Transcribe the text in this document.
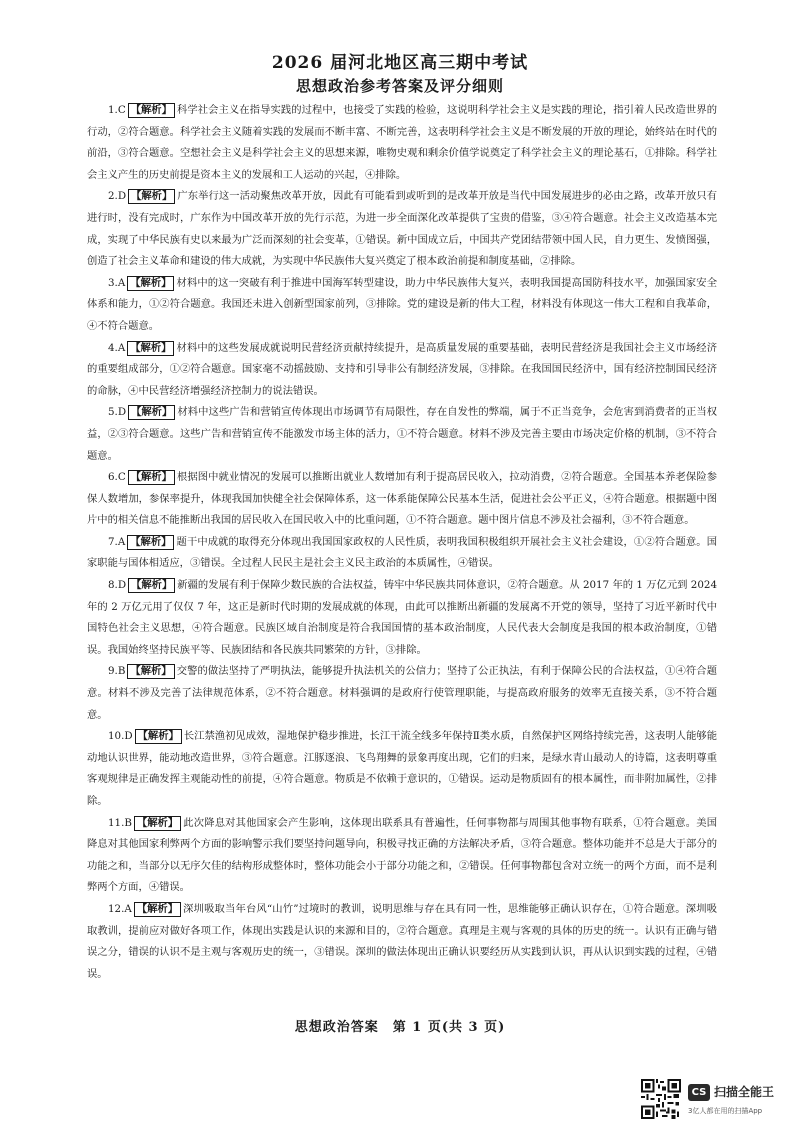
2026 届河北地区高三期中考试
思想政治参考答案及评分细则

1.C 【解析】 科学社会主义在指导实践的过程中，也接受了实践的检验，这说明科学社会主义是实践的理论，指引着人民改造世界的行动，②符合题意。科学社会主义随着实践的发展而不断丰富、不断完善，这表明科学社会主义是不断发展的开放的理论，始终站在时代的前沿，③符合题意。空想社会主义是科学社会主义的思想来源，唯物史观和剩余价值学说奠定了科学社会主义的理论基石，①排除。科学社会主义产生的历史前提是资本主义的发展和工人运动的兴起，④排除。

2.D 【解析】 广东举行这一活动聚焦改革开放，因此有可能看到或听到的是改革开放是当代中国发展进步的必由之路，改革开放只有进行时，没有完成时，广东作为中国改革开放的先行示范，为进一步全面深化改革提供了宝贵的借鉴，③④符合题意。社会主义改造基本完成，实现了中华民族有史以来最为广泛而深刻的社会变革，①错误。新中国成立后，中国共产党团结带领中国人民，自力更生、发愤图强，创造了社会主义革命和建设的伟大成就，为实现中华民族伟大复兴奠定了根本政治前提和制度基础，②排除。

3.A 【解析】 材料中的这一突破有利于推进中国海军转型建设，助力中华民族伟大复兴，表明我国提高国防科技水平，加强国家安全体系和能力，①②符合题意。我国还未进入创新型国家前列，③排除。党的建设是新的伟大工程，材料没有体现这一伟大工程和自我革命，④不符合题意。

4.A 【解析】 材料中的这些发展成就说明民营经济贡献持续提升，是高质量发展的重要基础，表明民营经济是我国社会主义市场经济的重要组成部分，①②符合题意。国家毫不动摇鼓励、支持和引导非公有制经济发展，③排除。在我国国民经济中，国有经济控制国民经济的命脉，④中民营经济增强经济控制力的说法错误。

5.D 【解析】 材料中这些广告和营销宣传体现出市场调节有局限性，存在自发性的弊端，属于不正当竞争，会危害到消费者的正当权益，②③符合题意。这些广告和营销宣传不能激发市场主体的活力，①不符合题意。材料不涉及完善主要由市场决定价格的机制，③不符合题意。

6.C 【解析】 根据图中就业情况的发展可以推断出就业人数增加有利于提高居民收入，拉动消费，②符合题意。全国基本养老保险参保人数增加，参保率提升，体现我国加快健全社会保障体系，这一体系能保障公民基本生活，促进社会公平正义，④符合题意。根据题中图片中的相关信息不能推断出我国的居民收入在国民收入中的比重问题，①不符合题意。题中图片信息不涉及社会福利，③不符合题意。

7.A 【解析】 题干中成就的取得充分体现出我国国家政权的人民性质，表明我国积极组织开展社会主义社会建设，①②符合题意。国家职能与国体相适应，③错误。全过程人民民主是社会主义民主政治的本质属性，④错误。

8.D 【解析】 新疆的发展有利于保障少数民族的合法权益，铸牢中华民族共同体意识，②符合题意。从 2017 年的 1 万亿元到 2024 年的 2 万亿元用了仅仅 7 年，这正是新时代时期的发展成就的体现，由此可以推断出新疆的发展离不开党的领导，坚持了习近平新时代中国特色社会主义思想，④符合题意。民族区域自治制度是符合我国国情的基本政治制度，人民代表大会制度是我国的根本政治制度，①错误。我国始终坚持民族平等、民族团结和各民族共同繁荣的方针，③排除。

9.B 【解析】 交警的做法坚持了严明执法，能够提升执法机关的公信力；坚持了公正执法，有利于保障公民的合法权益，①④符合题意。材料不涉及完善了法律规范体系，②不符合题意。材料强调的是政府行使管理职能，与提高政府服务的效率无直接关系，③不符合题意。

10.D 【解析】 长江禁渔初见成效，湿地保护稳步推进，长江干流全线多年保持Ⅱ类水质，自然保护区网络持续完善，这表明人能够能动地认识世界，能动地改造世界，③符合题意。江豚逐浪、飞鸟翔舞的景象再度出现，它们的归来，是绿水青山最动人的诗篇，这表明尊重客观规律是正确发挥主观能动性的前提，④符合题意。物质是不依赖于意识的，①错误。运动是物质固有的根本属性，而非附加属性，②排除。

11.B 【解析】 此次降息对其他国家会产生影响，这体现出联系具有普遍性，任何事物都与周围其他事物有联系，①符合题意。美国降息对其他国家利弊两个方面的影响警示我们要坚持问题导向，积极寻找正确的方法解决矛盾，③符合题意。整体功能并不总是大于部分的功能之和，当部分以无序欠佳的结构形成整体时，整体功能会小于部分功能之和，②错误。任何事物都包含对立统一的两个方面，而不是利弊两个方面，④错误。

12.A 【解析】 深圳吸取当年台风“山竹”过境时的教训，说明思维与存在具有同一性，思维能够正确认识存在，①符合题意。深圳吸取教训，提前应对做好各项工作，体现出实践是认识的来源和目的，②符合题意。真理是主观与客观的具体的历史的统一。认识有正确与错误之分，错误的认识不是主观与客观历史的统一，③错误。深圳的做法体现出正确认识要经历从实践到认识，再从认识到实践的过程，④错误。

思想政治答案　第 1 页(共 3 页)
CS 扫描全能王
3亿人都在用的扫描App
